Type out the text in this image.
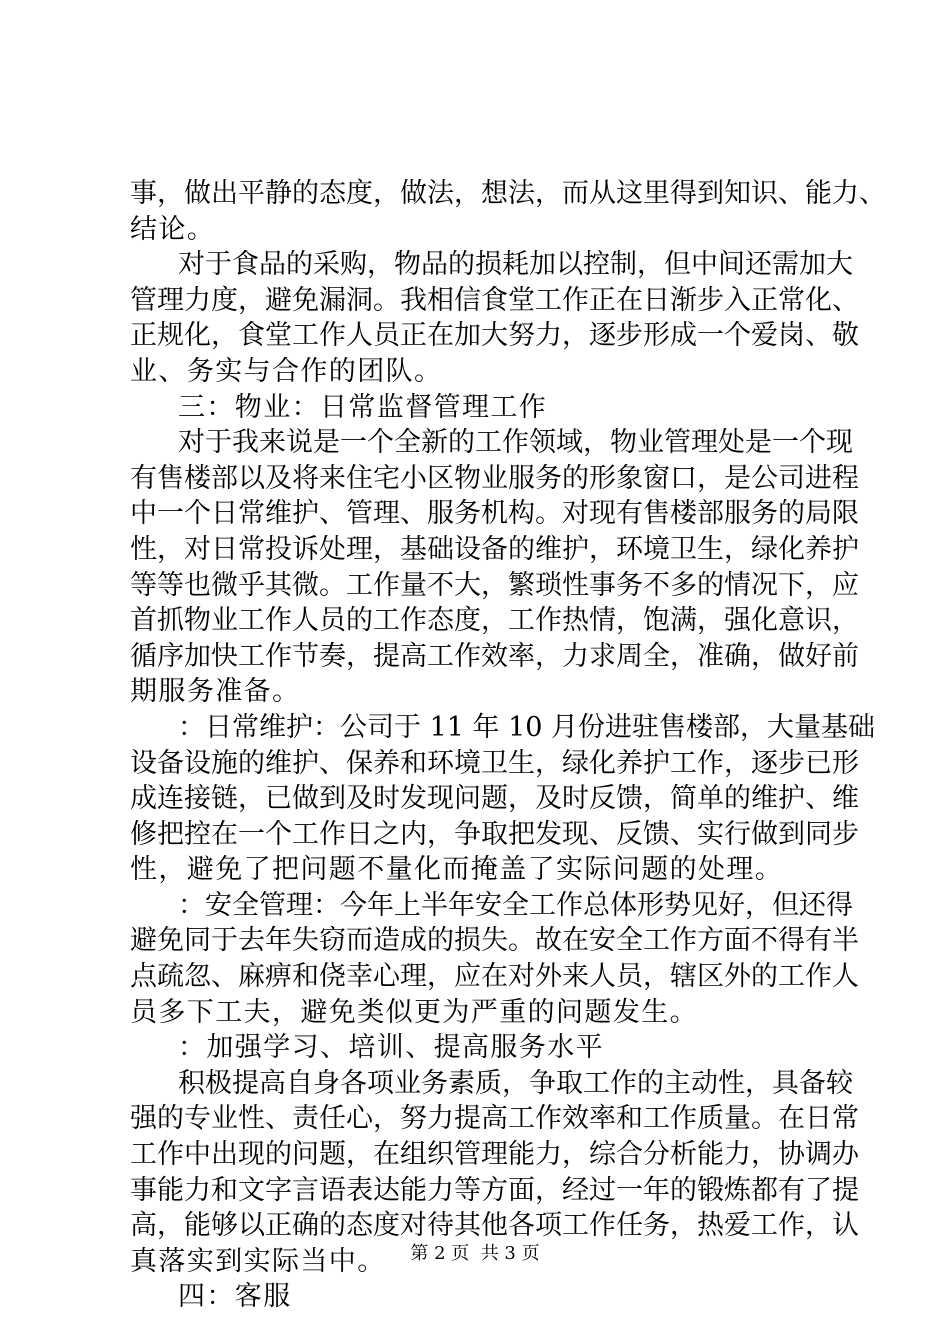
事，做出平静的态度，做法，想法，而从这里得到知识、能力、
结论。
对于食品的采购，物品的损耗加以控制，但中间还需加大
管理力度，避免漏洞。我相信食堂工作正在日渐步入正常化、
正规化，食堂工作人员正在加大努力，逐步形成一个爱岗、敬
业、务实与合作的团队。
三：物业：日常监督管理工作
对于我来说是一个全新的工作领域，物业管理处是一个现
有售楼部以及将来住宅小区物业服务的形象窗口，是公司进程
中一个日常维护、管理、服务机构。对现有售楼部服务的局限
性，对日常投诉处理，基础设备的维护，环境卫生，绿化养护
等等也微乎其微。工作量不大，繁琐性事务不多的情况下，应
首抓物业工作人员的工作态度，工作热情，饱满，强化意识，
循序加快工作节奏，提高工作效率，力求周全，准确，做好前
期服务准备。
：日常维护：公司于 11 年 10 月份进驻售楼部，大量基础
设备设施的维护、保养和环境卫生，绿化养护工作，逐步已形
成连接链，已做到及时发现问题，及时反馈，简单的维护、维
修把控在一个工作日之内，争取把发现、反馈、实行做到同步
性，避免了把问题不量化而掩盖了实际问题的处理。
：安全管理：今年上半年安全工作总体形势见好，但还得
避免同于去年失窃而造成的损失。故在安全工作方面不得有半
点疏忽、麻痹和侥幸心理，应在对外来人员，辖区外的工作人
员多下工夫，避免类似更为严重的问题发生。
：加强学习、培训、提高服务水平
积极提高自身各项业务素质，争取工作的主动性，具备较
强的专业性、责任心，努力提高工作效率和工作质量。在日常
工作中出现的问题，在组织管理能力，综合分析能力，协调办
事能力和文字言语表达能力等方面，经过一年的锻炼都有了提
高，能够以正确的态度对待其他各项工作任务，热爱工作，认
真落实到实际当中。
四：客服
第 2 页  共 3 页
